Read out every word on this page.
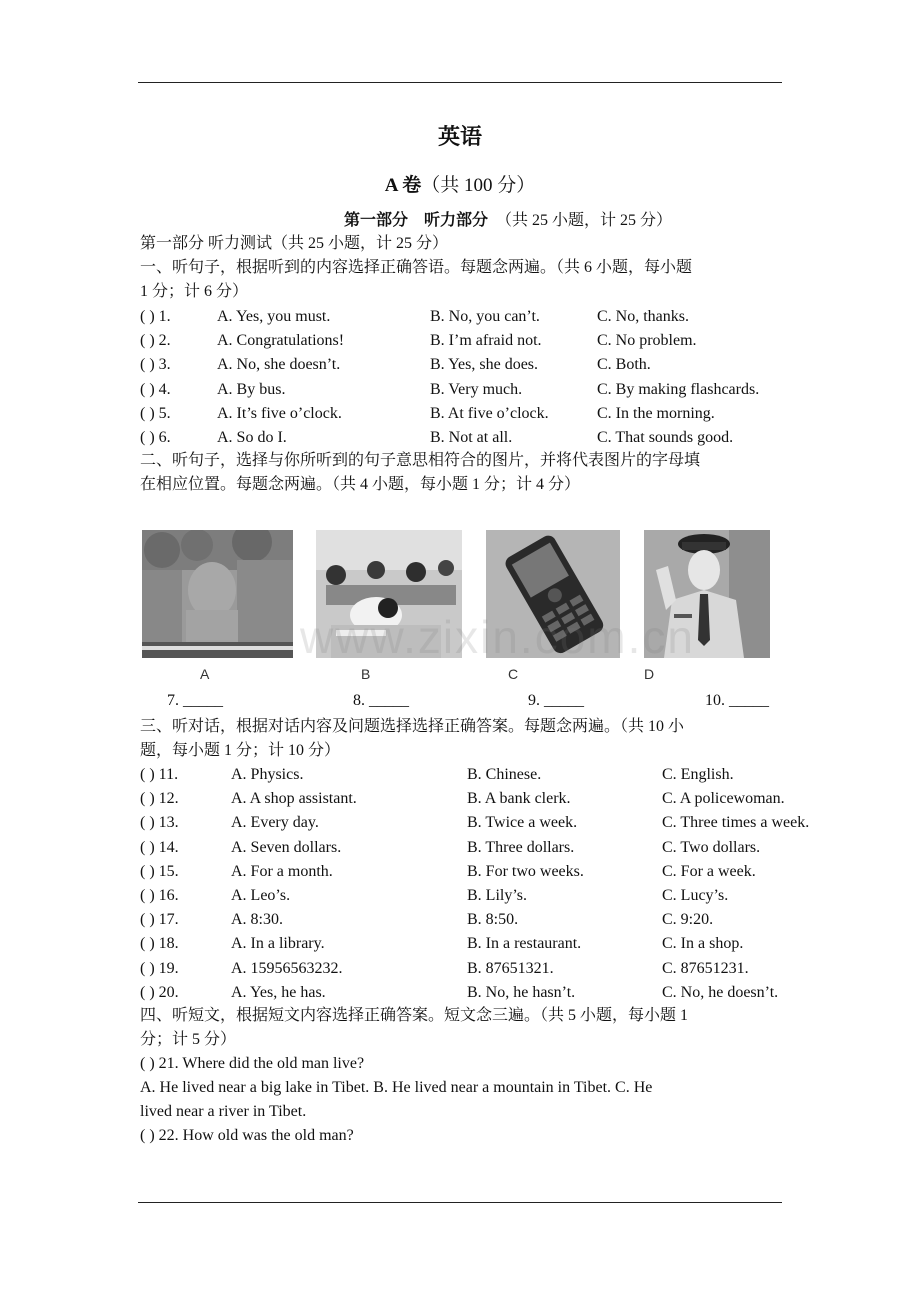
英语
A 卷（共 100 分）
第一部分　听力部分 （共 25 小题，计 25 分）
第一部分 听力测试（共 25 小题，计 25 分）
一、听句子，根据听到的内容选择正确答语。每题念两遍。（共 6 小题，每小题
1 分；计 6 分）
( ) 1.	A. Yes, you must.	B. No, you can’t.	C. No, thanks.
( ) 2.	A. Congratulations!	B. I’m afraid not.	C. No problem.
( ) 3.	A. No, she doesn’t.	B. Yes, she does.	C. Both.
( ) 4.	A. By bus.	B. Very much.	C. By making flashcards.
( ) 5.	A. It’s five o’clock.	B. At five o’clock.	C. In the morning.
( ) 6.	A. So do I.	B. Not at all.	C. That sounds good.
二、听句子，选择与你所听到的句子意思相符合的图片，并将代表图片的字母填
在相应位置。每题念两遍。（共 4 小题，每小题 1 分；计 4 分）
www.zixin.com.cn
A	B	C	D
7. _____	8. _____	9. _____	10. _____
三、听对话，根据对话内容及问题选择选择正确答案。每题念两遍。（共 10 小
题，每小题 1 分；计 10 分）
( ) 11.	A. Physics.	B. Chinese.	C. English.
( ) 12.	A. A shop assistant.	B. A bank clerk.	C. A policewoman.
( ) 13.	A. Every day.	B. Twice a week.	C. Three times a week.
( ) 14.	A. Seven dollars.	B. Three dollars.	C. Two dollars.
( ) 15.	A. For a month.	B. For two weeks.	C. For a week.
( ) 16.	A. Leo’s.	B. Lily’s.	C. Lucy’s.
( ) 17.	A. 8:30.	B. 8:50.	C. 9:20.
( ) 18.	A. In a library.	B. In a restaurant.	C. In a shop.
( ) 19.	A. 15956563232.	B. 87651321.	C. 87651231.
( ) 20.	A. Yes, he has.	B. No, he hasn’t.	C. No, he doesn’t.
四、听短文，根据短文内容选择正确答案。短文念三遍。（共 5 小题，每小题 1
分；计 5 分）
( ) 21. Where did the old man live?
A. He lived near a big lake in Tibet. B. He lived near a mountain in Tibet. C. He
lived near a river in Tibet.
( ) 22. How old was the old man?
